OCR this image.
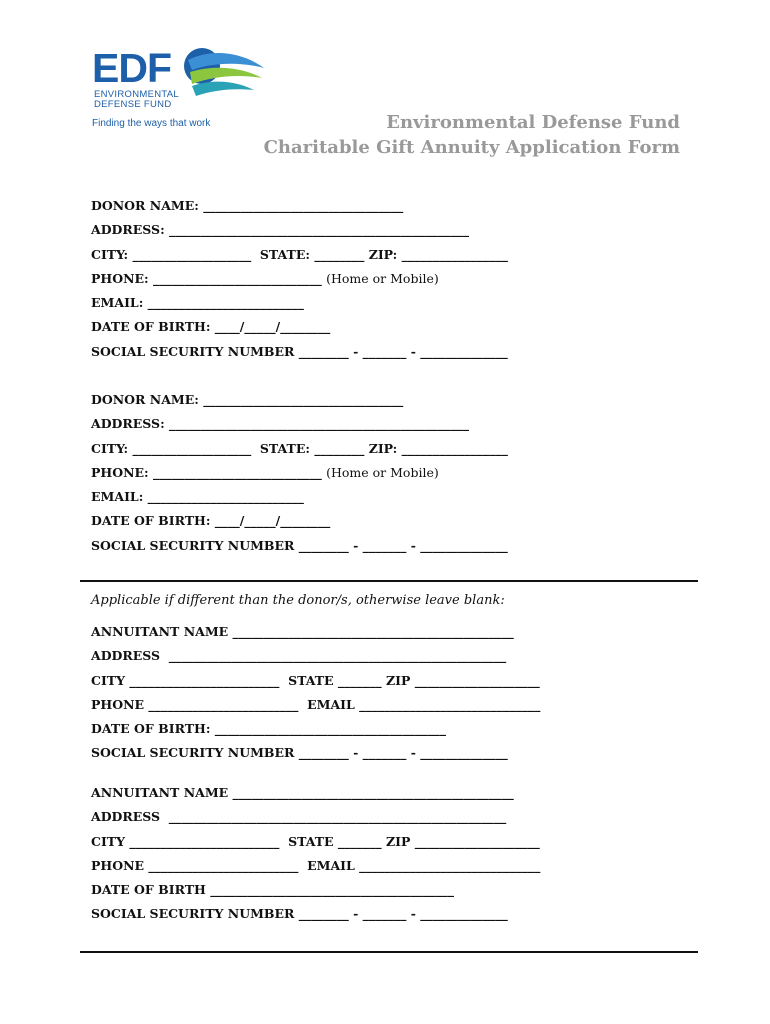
EDF
ENVIRONMENTAL
DEFENSE FUND
Finding the ways that work	Environmental Defense Fund
Charitable Gift Annuity Application Form
DONOR NAME: ________________________________
ADDRESS: ________________________________________________
CITY: ___________________  STATE: ________ ZIP: _________________
PHONE: ___________________________ (Home or Mobile)
EMAIL: _________________________
DATE OF BIRTH: ____/_____/________
SOCIAL SECURITY NUMBER ________ - _______ - ______________
DONOR NAME: ________________________________
ADDRESS: ________________________________________________
CITY: ___________________  STATE: ________ ZIP: _________________
PHONE: ___________________________ (Home or Mobile)
EMAIL: _________________________
DATE OF BIRTH: ____/_____/________
SOCIAL SECURITY NUMBER ________ - _______ - ______________
Applicable if different than the donor/s, otherwise leave blank:
ANNUITANT NAME _____________________________________________
ADDRESS  ______________________________________________________
CITY ________________________  STATE _______ ZIP ____________________
PHONE ________________________  EMAIL _____________________________
DATE OF BIRTH: _____________________________________
SOCIAL SECURITY NUMBER ________ - _______ - ______________
ANNUITANT NAME _____________________________________________
ADDRESS  ______________________________________________________
CITY ________________________  STATE _______ ZIP ____________________
PHONE ________________________  EMAIL _____________________________
DATE OF BIRTH _______________________________________
SOCIAL SECURITY NUMBER ________ - _______ - ______________
